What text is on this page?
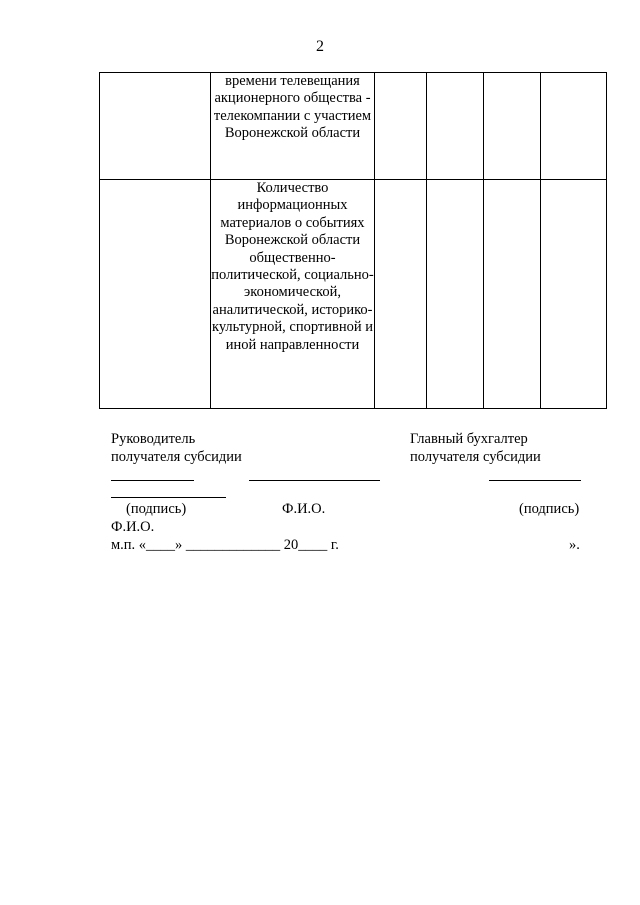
2
	времени телевещания акционерного общества - телекомпании с участием Воронежской области				
	Количество информационных материалов о событиях Воронежской области общественно-политической, социально-экономической, аналитической, историко-культурной, спортивной и иной направленности				
Руководитель
получателя субсидии
Главный бухгалтер
получателя субсидии
(подпись)	Ф.И.О.	(подпись)
Ф.И.О.
м.п. «____» _____________ 20____ г.	».
